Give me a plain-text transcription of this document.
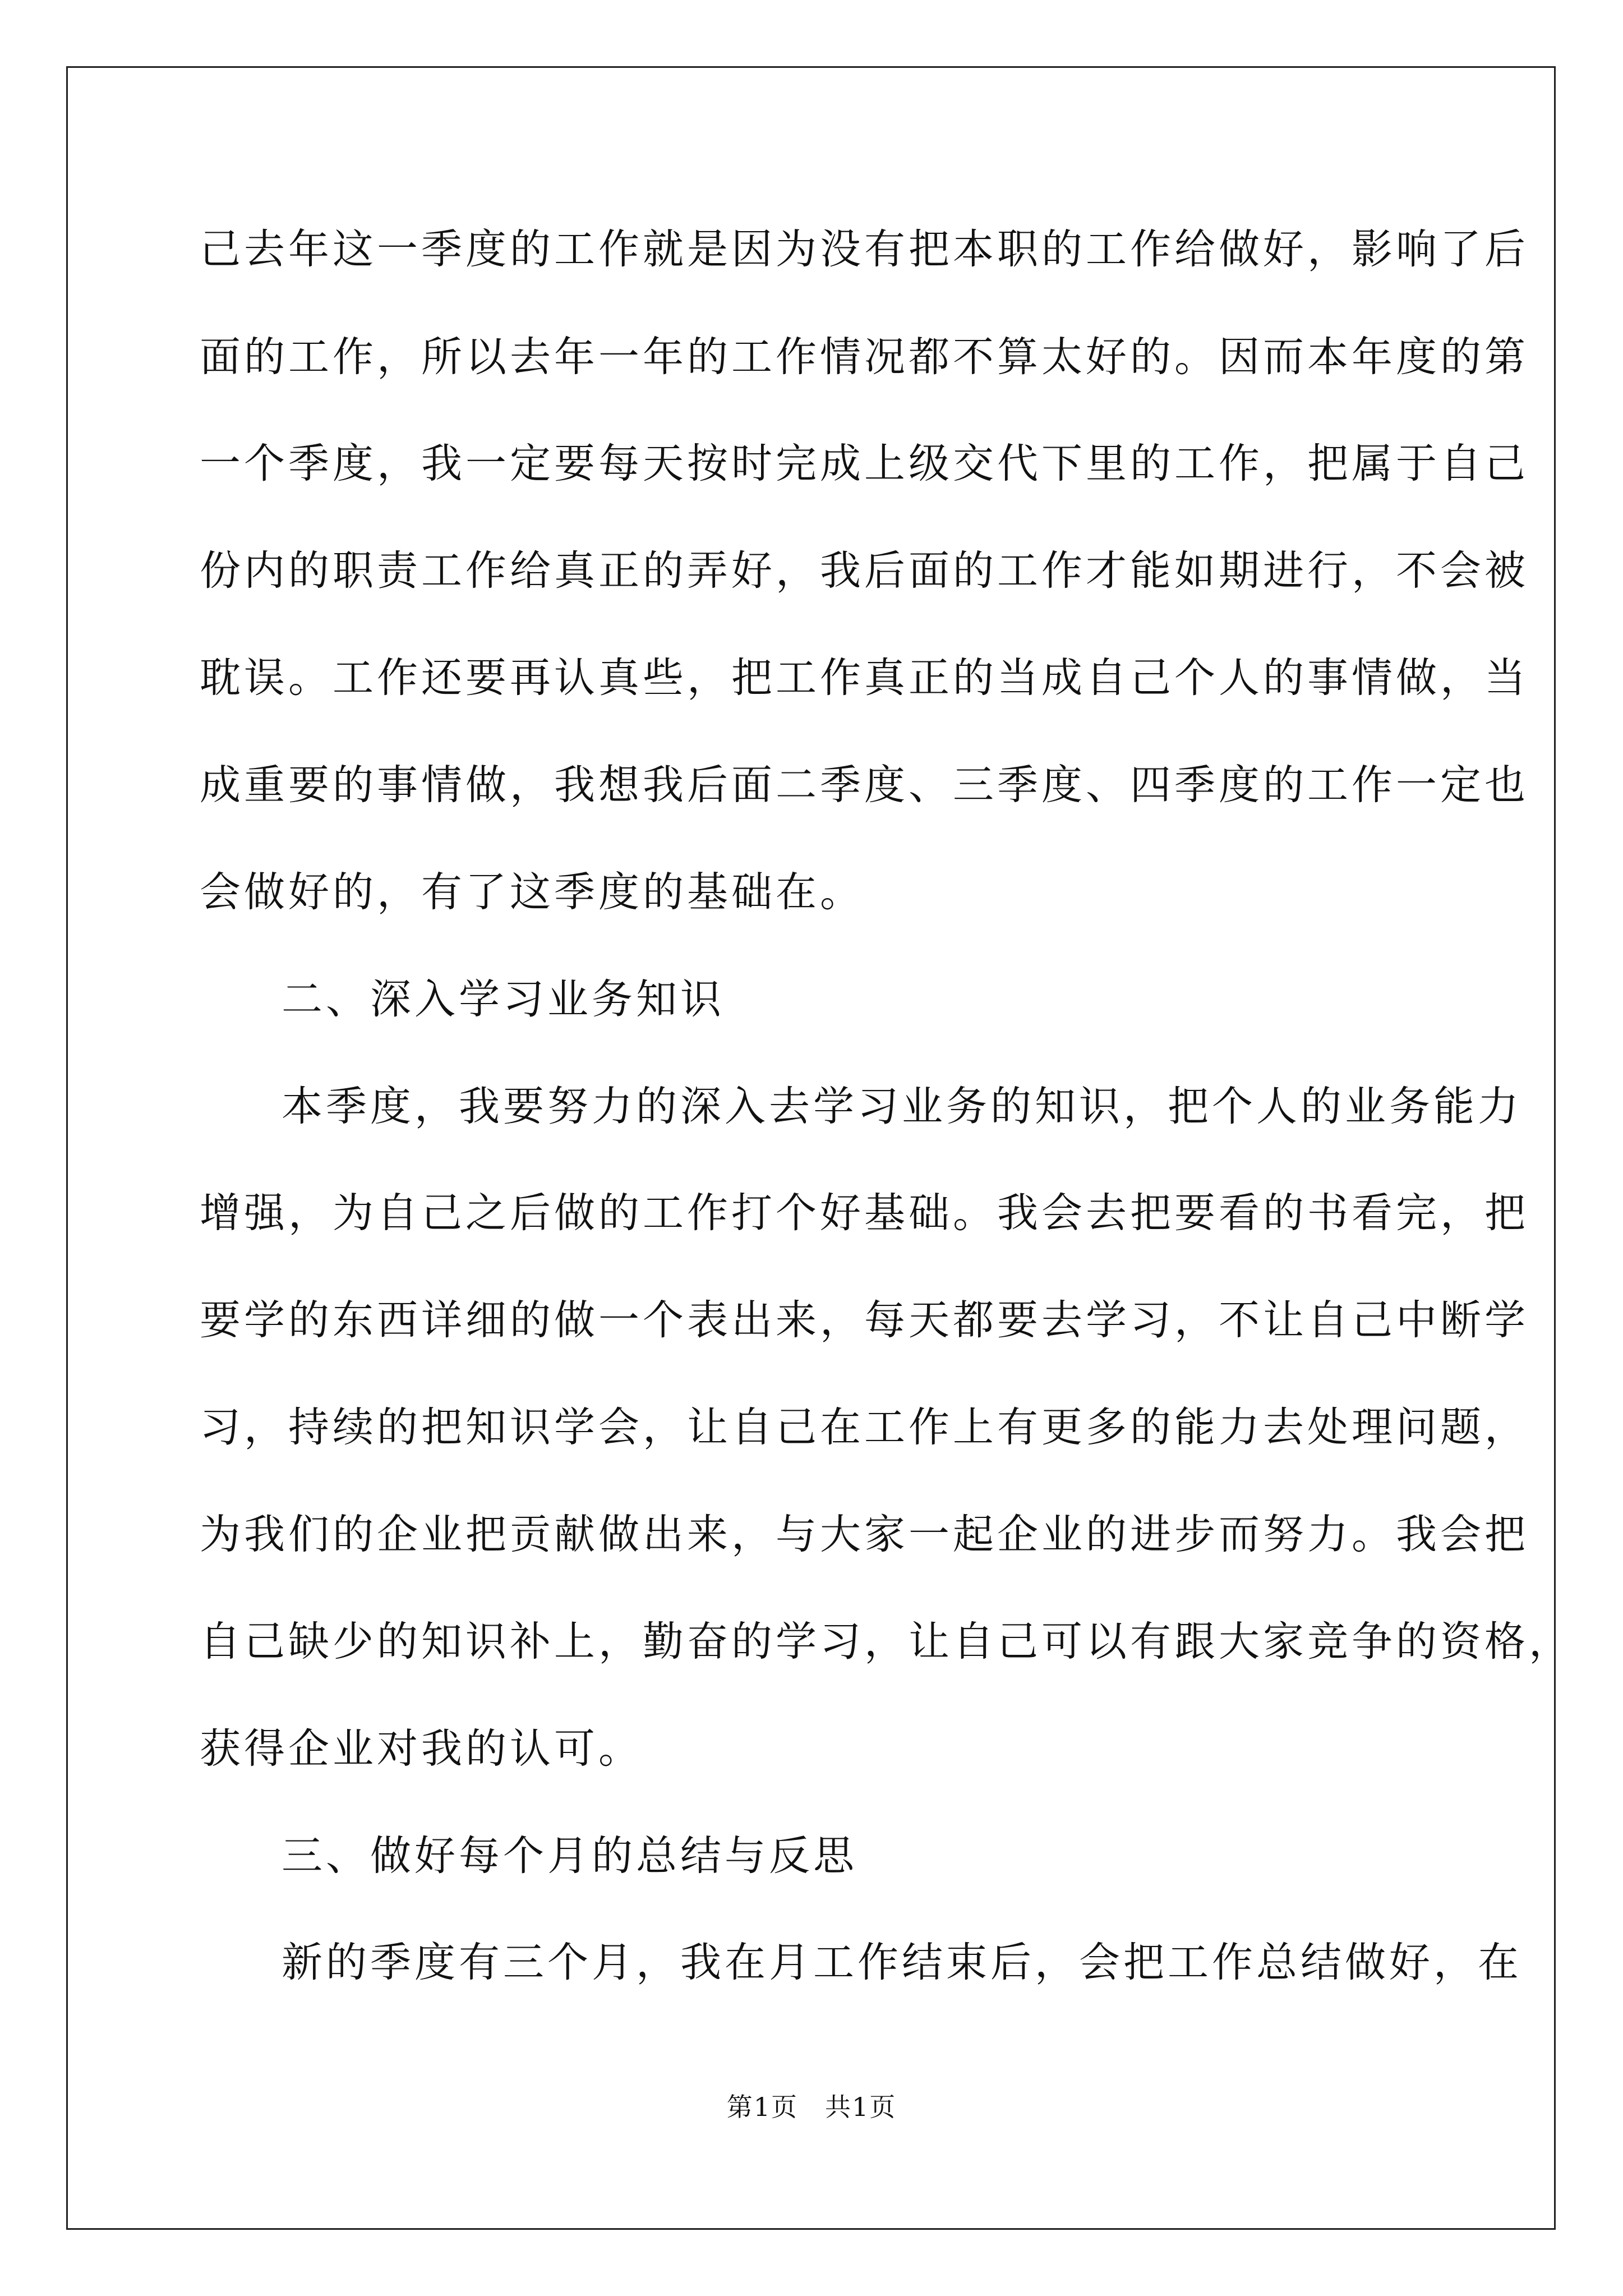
己去年这一季度的工作就是因为没有把本职的工作给做好，影响了后
面的工作，所以去年一年的工作情况都不算太好的。因而本年度的第
一个季度，我一定要每天按时完成上级交代下里的工作，把属于自己
份内的职责工作给真正的弄好，我后面的工作才能如期进行，不会被
耽误。工作还要再认真些，把工作真正的当成自己个人的事情做，当
成重要的事情做，我想我后面二季度、三季度、四季度的工作一定也
会做好的，有了这季度的基础在。
二、深入学习业务知识
本季度，我要努力的深入去学习业务的知识，把个人的业务能力
增强，为自己之后做的工作打个好基础。我会去把要看的书看完，把
要学的东西详细的做一个表出来，每天都要去学习，不让自己中断学
习，持续的把知识学会，让自己在工作上有更多的能力去处理问题，
为我们的企业把贡献做出来，与大家一起企业的进步而努力。我会把
自己缺少的知识补上，勤奋的学习，让自己可以有跟大家竞争的资格，
获得企业对我的认可。
三、做好每个月的总结与反思
新的季度有三个月，我在月工作结束后，会把工作总结做好，在
第1页　共1页
